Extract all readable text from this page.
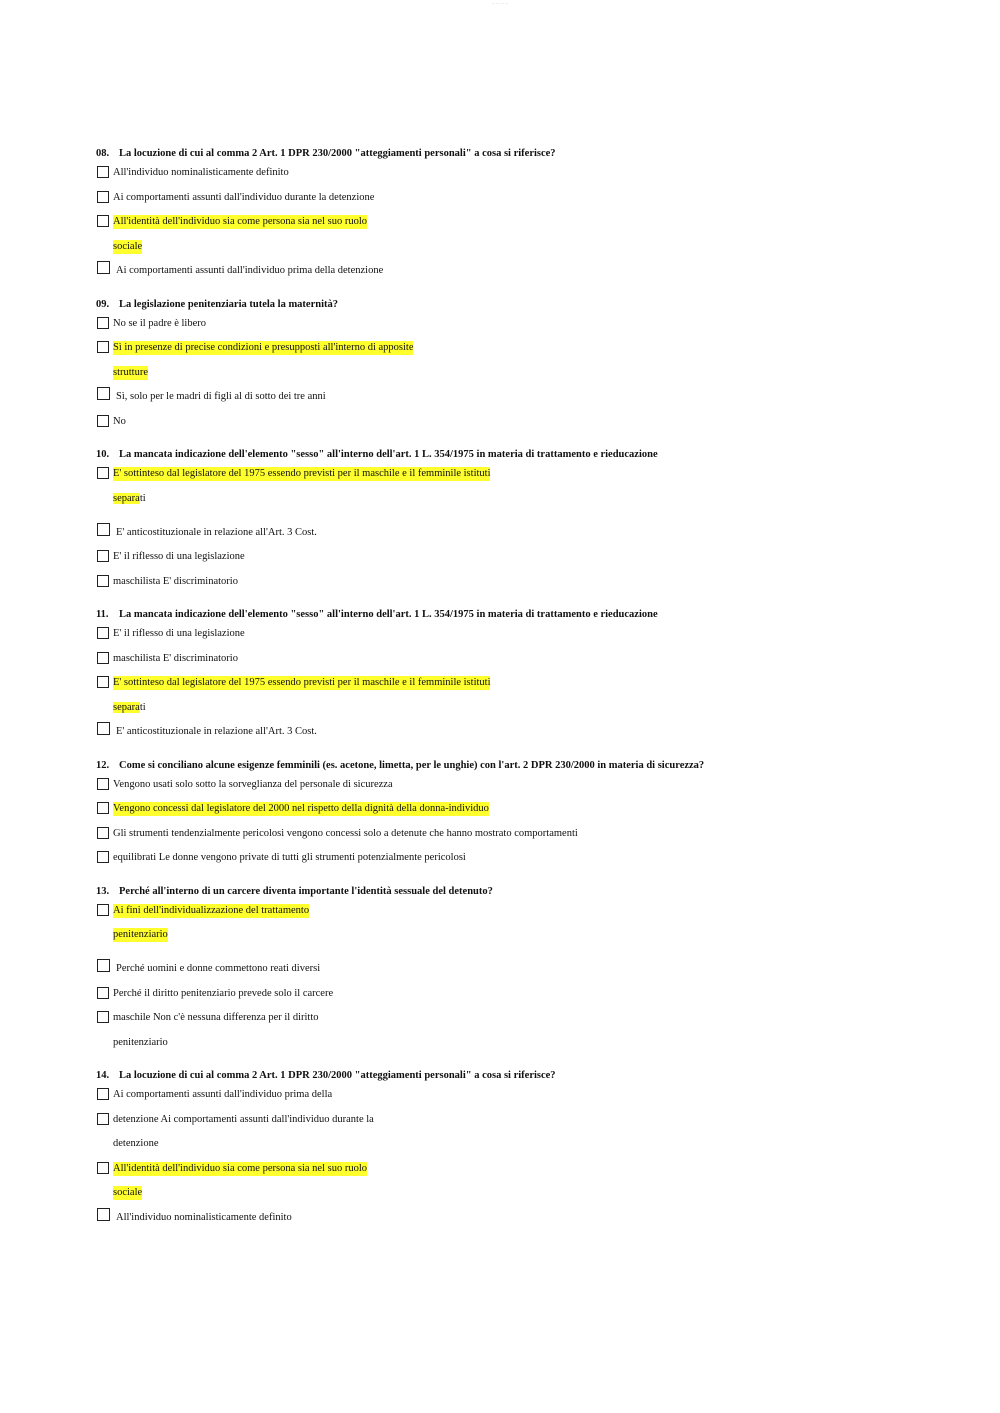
…… ……
08. La locuzione di cui al comma 2 Art. 1 DPR 230/2000 "atteggiamenti personali" a cosa si riferisce?
All'individuo nominalisticamente definito
Ai comportamenti assunti dall'individuo durante la detenzione
All'identità dell'individuo sia come persona sia nel suo ruolo
sociale
Ai comportamenti assunti dall'individuo prima della detenzione
09. La legislazione penitenziaria tutela la maternità?
No se il padre è libero
Sì in presenze di precise condizioni e presupposti all'interno di apposite
strutture
Sì, solo per le madri di figli al di sotto dei tre anni
No
10. La mancata indicazione dell'elemento "sesso" all'interno dell'art. 1 L. 354/1975 in materia di trattamento e rieducazione
E' sottinteso dal legislatore del 1975 essendo previsti per il maschile e il femminile istituti
separati
E' anticostituzionale in relazione all'Art. 3 Cost.
E' il riflesso di una legislazione
maschilista E' discriminatorio
11. La mancata indicazione dell'elemento "sesso" all'interno dell'art. 1 L. 354/1975 in materia di trattamento e rieducazione
E' il riflesso di una legislazione
maschilista E' discriminatorio
E' sottinteso dal legislatore del 1975 essendo previsti per il maschile e il femminile istituti
separati
E' anticostituzionale in relazione all'Art. 3 Cost.
12. Come si conciliano alcune esigenze femminili (es. acetone, limetta, per le unghie) con l'art. 2 DPR 230/2000 in materia di sicurezza?
Vengono usati solo sotto la sorveglianza del personale di sicurezza
Vengono concessi dal legislatore del 2000 nel rispetto della dignità della donna-individuo
Gli strumenti tendenzialmente pericolosi vengono concessi solo a detenute che hanno mostrato comportamenti
equilibrati Le donne vengono private di tutti gli strumenti potenzialmente pericolosi
13. Perché all'interno di un carcere diventa importante l'identità sessuale del detenuto?
Ai fini dell'individualizzazione del trattamento
penitenziario
Perché uomini e donne commettono reati diversi
Perché il diritto penitenziario prevede solo il carcere
maschile Non c'è nessuna differenza per il diritto
penitenziario
14. La locuzione di cui al comma 2 Art. 1 DPR 230/2000 "atteggiamenti personali" a cosa si riferisce?
Ai comportamenti assunti dall'individuo prima della
detenzione Ai comportamenti assunti dall'individuo durante la
detenzione
All'identità dell'individuo sia come persona sia nel suo ruolo
sociale
All'individuo nominalisticamente definito
